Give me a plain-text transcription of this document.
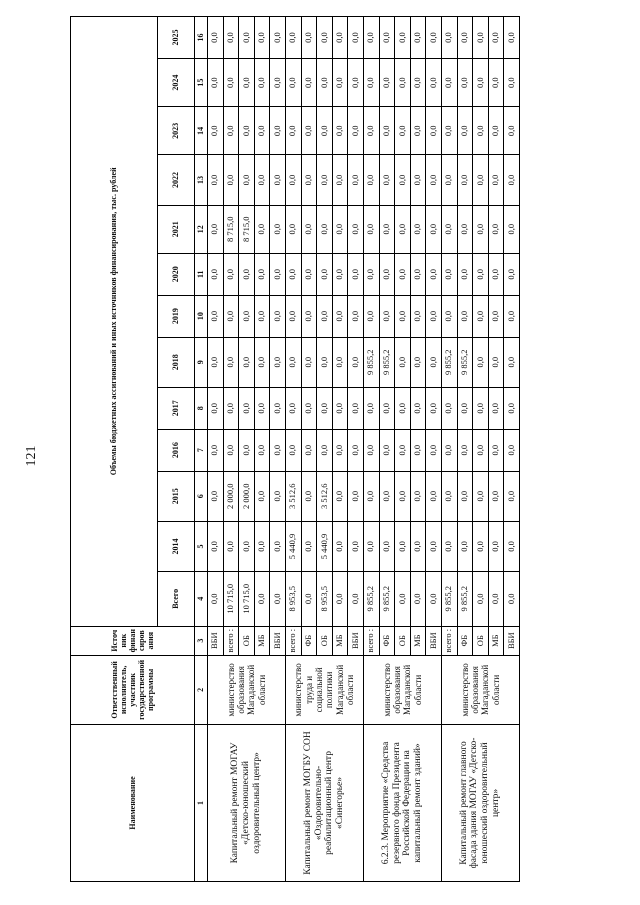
121
Наименование	Ответственный исполнитель, участник государственной программы	Источ
ник
финан
сиров
ания	Объемы бюджетных ассигнований и иных источников финансирования, тыс. рублей												
			Всего	2014	2015	2016	2017	2018	2019	2020	2021	2022	2023	2024	2025
1	2	3	4	5	6	7	8	9	10	11	12	13	14	15	16
Капитальный ремонт МОГАУ «Детско-юношеский оздоровительный центр»	министерство образования Магаданской области	ВБИ	0,0	0,0	0,0	0,0	0,0	0,0	0,0	0,0	0,0	0,0	0,0	0,0	0,0
		всего :	10 715,0	0,0	2 000,0	0,0	0,0	0,0	0,0	0,0	8 715,0	0,0	0,0	0,0	0,0
		ОБ	10 715,0	0,0	2 000,0	0,0	0,0	0,0	0,0	0,0	8 715,0	0,0	0,0	0,0	0,0
		МБ	0,0	0,0	0,0	0,0	0,0	0,0	0,0	0,0	0,0	0,0	0,0	0,0	0,0
		ВБИ	0,0	0,0	0,0	0,0	0,0	0,0	0,0	0,0	0,0	0,0	0,0	0,0	0,0
Капитальный ремонт МОГБУ СОН «Оздоровительно-реабилитационный центр «Синегорье»	министерство труда и социальной политики Магаданской области	всего :	8 953,5	5 440,9	3 512,6	0,0	0,0	0,0	0,0	0,0	0,0	0,0	0,0	0,0	0,0
		ФБ	0,0	0,0	0,0	0,0	0,0	0,0	0,0	0,0	0,0	0,0	0,0	0,0	0,0
		ОБ	8 953,5	5 440,9	3 512,6	0,0	0,0	0,0	0,0	0,0	0,0	0,0	0,0	0,0	0,0
		МБ	0,0	0,0	0,0	0,0	0,0	0,0	0,0	0,0	0,0	0,0	0,0	0,0	0,0
		ВБИ	0,0	0,0	0,0	0,0	0,0	0,0	0,0	0,0	0,0	0,0	0,0	0,0	0,0
6.2.3. Мероприятие «Средства резервного фонда Президента Российской Федерации на капитальный ремонт зданий»	министерство образования Магаданской области	всего :	9 855,2	0,0	0,0	0,0	0,0	9 855,2	0,0	0,0	0,0	0,0	0,0	0,0	0,0
		ФБ	9 855,2	0,0	0,0	0,0	0,0	9 855,2	0,0	0,0	0,0	0,0	0,0	0,0	0,0
		ОБ	0,0	0,0	0,0	0,0	0,0	0,0	0,0	0,0	0,0	0,0	0,0	0,0	0,0
		МБ	0,0	0,0	0,0	0,0	0,0	0,0	0,0	0,0	0,0	0,0	0,0	0,0	0,0
		ВБИ	0,0	0,0	0,0	0,0	0,0	0,0	0,0	0,0	0,0	0,0	0,0	0,0	0,0
Капитальный ремонт главного фасада здания МОГАУ «Детско-юношеский оздоровительный центр»	министерство образования Магаданской области	всего :	9 855,2	0,0	0,0	0,0	0,0	9 855,2	0,0	0,0	0,0	0,0	0,0	0,0	0,0
		ФБ	9 855,2	0,0	0,0	0,0	0,0	9 855,2	0,0	0,0	0,0	0,0	0,0	0,0	0,0
		ОБ	0,0	0,0	0,0	0,0	0,0	0,0	0,0	0,0	0,0	0,0	0,0	0,0	0,0
		МБ	0,0	0,0	0,0	0,0	0,0	0,0	0,0	0,0	0,0	0,0	0,0	0,0	0,0
		ВБИ	0,0	0,0	0,0	0,0	0,0	0,0	0,0	0,0	0,0	0,0	0,0	0,0	0,0
